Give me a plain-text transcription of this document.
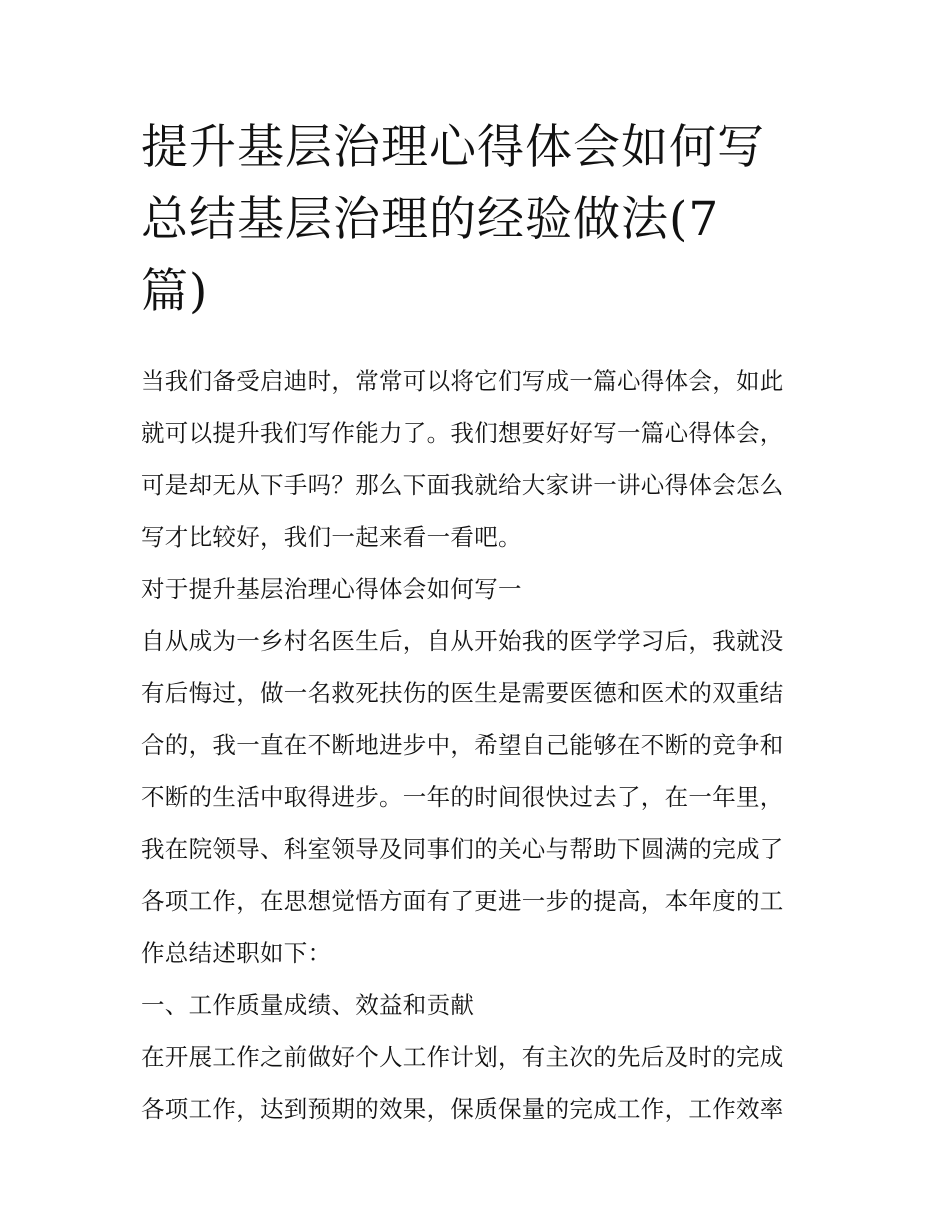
提升基层治理心得体会如何写
总结基层治理的经验做法(7
篇)
当我们备受启迪时，常常可以将它们写成一篇心得体会，如此
就可以提升我们写作能力了。我们想要好好写一篇心得体会，
可是却无从下手吗？那么下面我就给大家讲一讲心得体会怎么
写才比较好，我们一起来看一看吧。
对于提升基层治理心得体会如何写一
自从成为一乡村名医生后，自从开始我的医学学习后，我就没
有后悔过，做一名救死扶伤的医生是需要医德和医术的双重结
合的，我一直在不断地进步中，希望自己能够在不断的竞争和
不断的生活中取得进步。一年的时间很快过去了，在一年里，
我在院领导、科室领导及同事们的关心与帮助下圆满的完成了
各项工作，在思想觉悟方面有了更进一步的提高，本年度的工
作总结述职如下：
一、工作质量成绩、效益和贡献
在开展工作之前做好个人工作计划，有主次的先后及时的完成
各项工作，达到预期的效果，保质保量的完成工作，工作效率
